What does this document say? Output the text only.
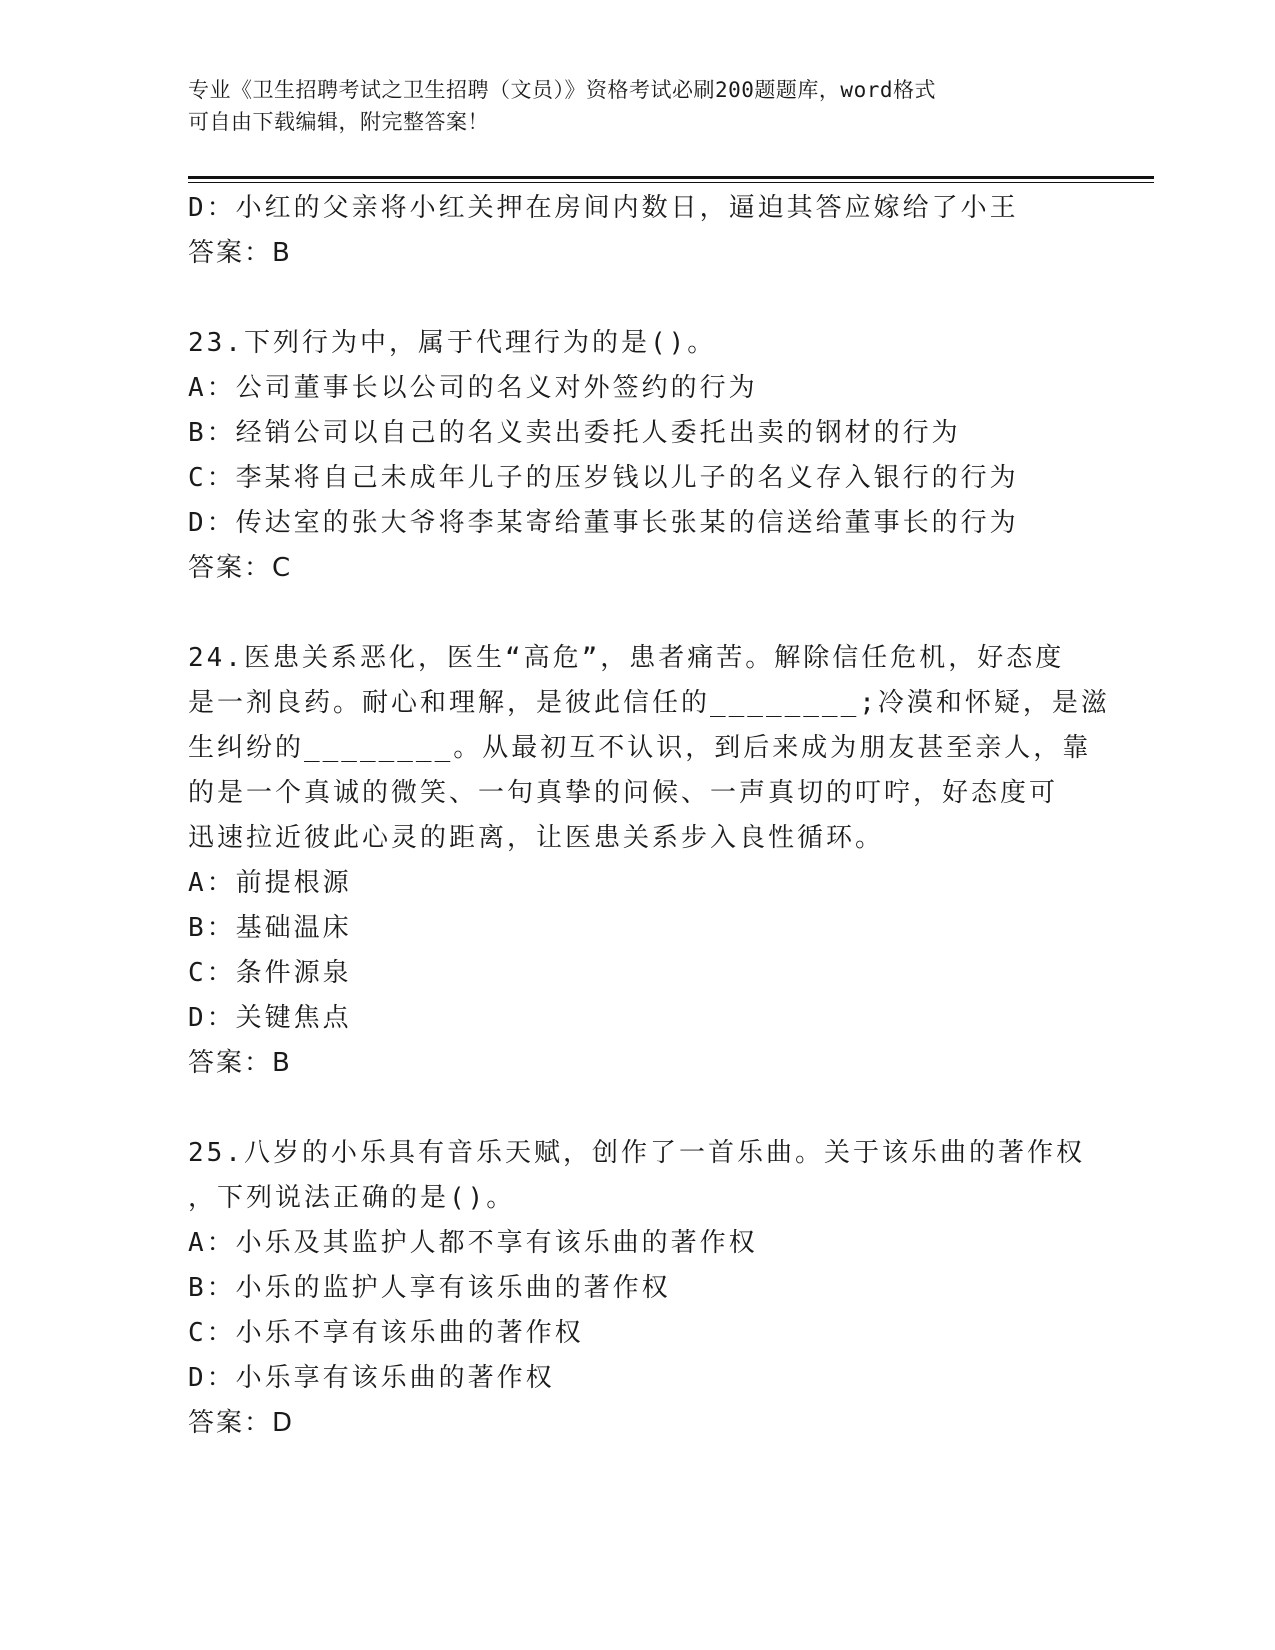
专业《卫生招聘考试之卫生招聘（文员）》资格考试必刷200题题库，word格式
可自由下载编辑，附完整答案！
D：小红的父亲将小红关押在房间内数日，逼迫其答应嫁给了小王
答案：B
23.下列行为中，属于代理行为的是()。
A：公司董事长以公司的名义对外签约的行为
B：经销公司以自己的名义卖出委托人委托出卖的钢材的行为
C：李某将自己未成年儿子的压岁钱以儿子的名义存入银行的行为
D：传达室的张大爷将李某寄给董事长张某的信送给董事长的行为
答案：C
24.医患关系恶化，医生“高危”，患者痛苦。解除信任危机，好态度
是一剂良药。耐心和理解，是彼此信任的________;冷漠和怀疑，是滋
生纠纷的________。从最初互不认识，到后来成为朋友甚至亲人，靠
的是一个真诚的微笑、一句真挚的问候、一声真切的叮咛，好态度可
迅速拉近彼此心灵的距离，让医患关系步入良性循环。
A：前提根源
B：基础温床
C：条件源泉
D：关键焦点
答案：B
25.八岁的小乐具有音乐天赋，创作了一首乐曲。关于该乐曲的著作权
，下列说法正确的是()。
A：小乐及其监护人都不享有该乐曲的著作权
B：小乐的监护人享有该乐曲的著作权
C：小乐不享有该乐曲的著作权
D：小乐享有该乐曲的著作权
答案：D
